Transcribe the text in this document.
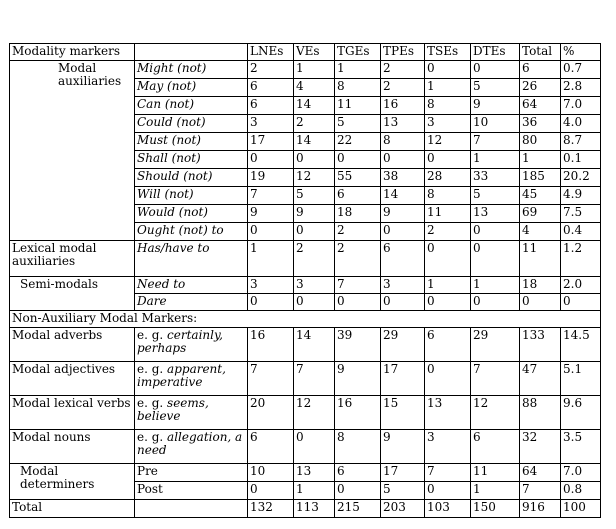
Modality markers		LNEs	VEs	TGEs	TPEs	TSEs	DTEs	Total	%
Modal auxiliaries	Might (not)	2	1	1	2	0	0	6	0.7
	May (not)	6	4	8	2	1	5	26	2.8
	Can (not)	6	14	11	16	8	9	64	7.0
	Could (not)	3	2	5	13	3	10	36	4.0
	Must (not)	17	14	22	8	12	7	80	8.7
	Shall (not)	0	0	0	0	0	1	1	0.1
	Should (not)	19	12	55	38	28	33	185	20.2
	Will (not)	7	5	6	14	8	5	45	4.9
	Would (not)	9	9	18	9	11	13	69	7.5
	Ought (not) to	0	0	2	0	2	0	4	0.4
Lexical modal auxiliaries	Has/have to	1	2	2	6	0	0	11	1.2
Semi-modals	Need to	3	3	7	3	1	1	18	2.0
	Dare	0	0	0	0	0	0	0	0
Non-Auxiliary Modal Markers:									
Modal adverbs	e. g. certainly, perhaps	16	14	39	29	6	29	133	14.5
Modal adjectives	e. g. apparent, imperative	7	7	9	17	0	7	47	5.1
Modal lexical verbs	e. g. seems, believe	20	12	16	15	13	12	88	9.6
Modal nouns	e. g. allegation, a need	6	0	8	9	3	6	32	3.5
Modal determiners	Pre	10	13	6	17	7	11	64	7.0
	Post	0	1	0	5	0	1	7	0.8
Total		132	113	215	203	103	150	916	100
